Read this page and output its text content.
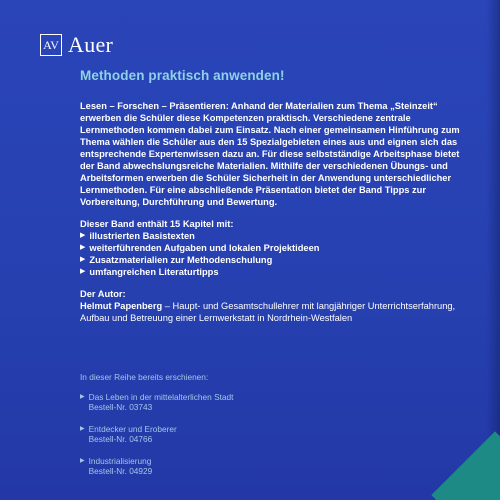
AV Auer
Methoden praktisch anwenden!

Lesen – Forschen – Präsentieren: Anhand der Materialien zum Thema „Steinzeit“ erwerben die Schüler diese Kompetenzen praktisch. Verschiedene zentrale Lernmethoden kommen dabei zum Einsatz. Nach einer gemeinsamen Hinführung zum Thema wählen die Schüler aus den 15 Spezialgebieten eines aus und eignen sich das entsprechende Expertenwissen dazu an. Für diese selbstständige Arbeitsphase bietet der Band abwechslungsreiche Materialien. Mithilfe der verschiedenen Übungs- und Arbeitsformen erwerben die Schüler Sicherheit in der Anwendung unterschiedlicher Lernmethoden. Für eine abschließende Präsentation bietet der Band Tipps zur Vorbereitung, Durchführung und Bewertung.

Dieser Band enthält 15 Kapitel mit:

▶ illustrierten Basistexten
▶ weiterführenden Aufgaben und lokalen Projektideen
▶ Zusatzmaterialien zur Methodenschulung
▶ umfangreichen Literaturtipps

Der Autor:

Helmut Papenberg – Haupt- und Gesamtschullehrer mit langjähriger Unterrichtserfahrung, Aufbau und Betreuung einer Lernwerkstatt in Nordrhein-Westfalen

In dieser Reihe bereits erschienen:
▶ Das Leben in der mittelalterlichen Stadt
Bestell-Nr. 03743
▶ Entdecker und Eroberer
Bestell-Nr. 04766
▶ Industrialisierung
Bestell-Nr. 04929
